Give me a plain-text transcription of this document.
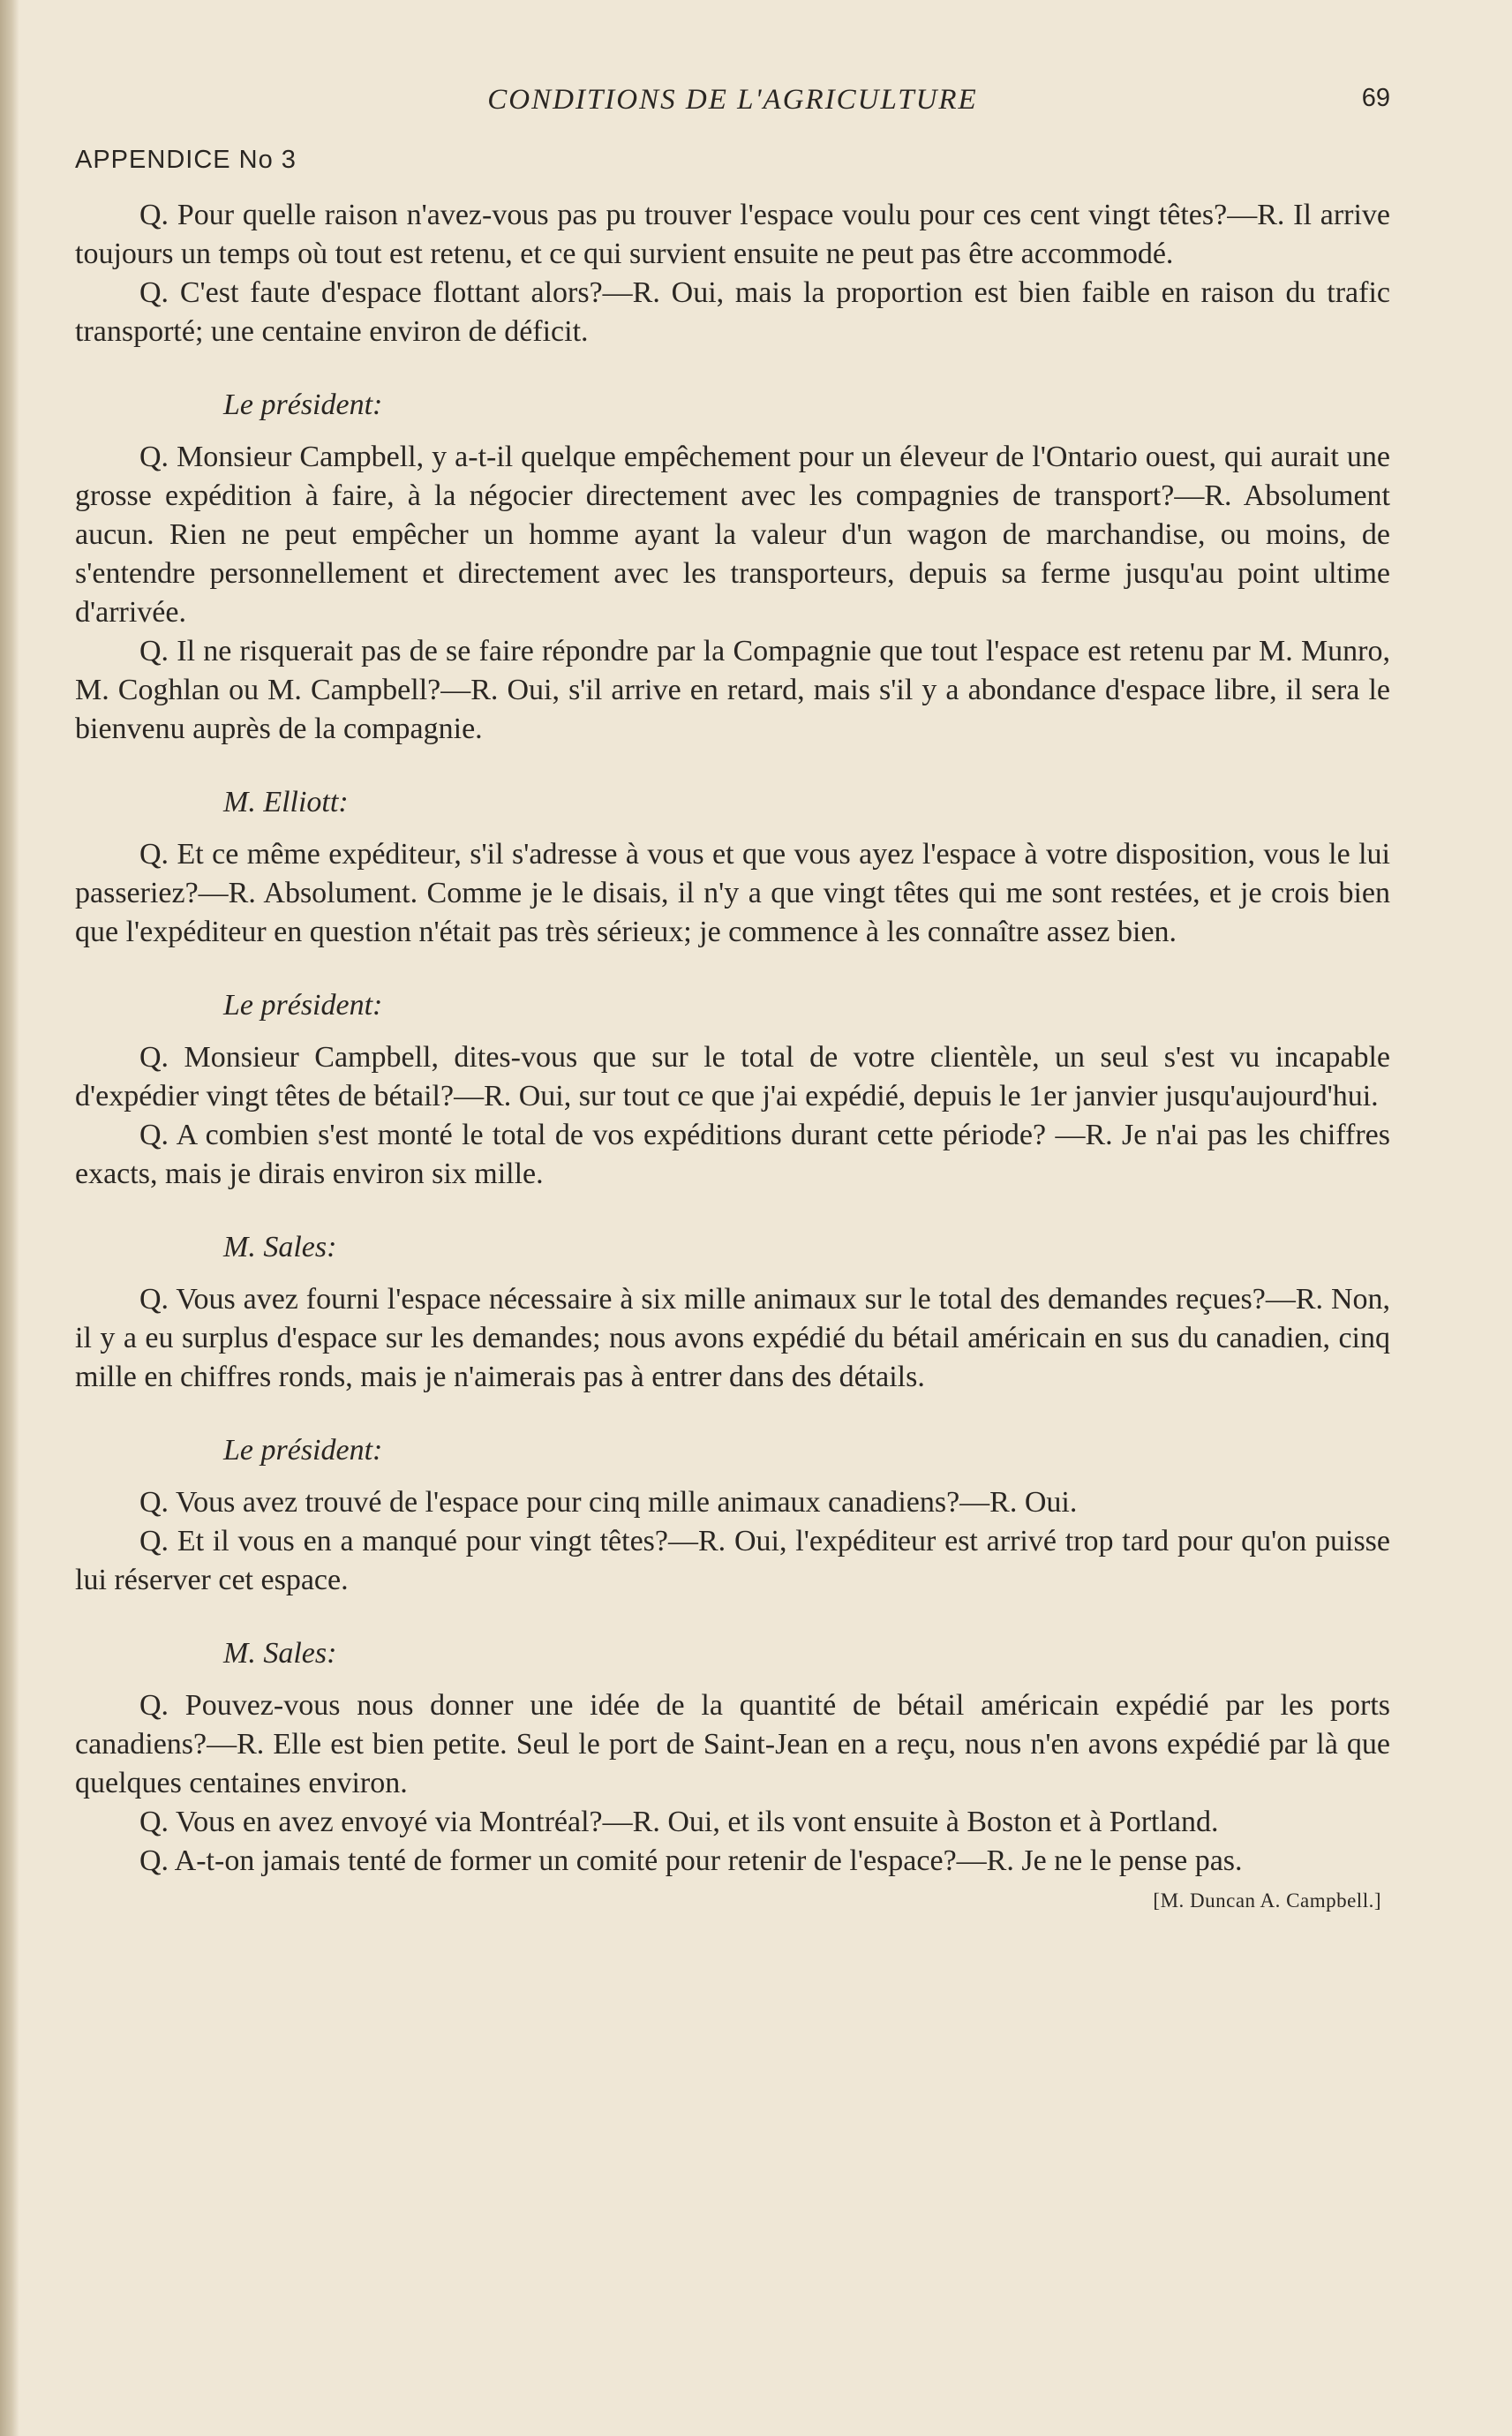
CONDITIONS DE L'AGRICULTURE	69
APPENDICE No 3

Q. Pour quelle raison n'avez-vous pas pu trouver l'espace voulu pour ces cent vingt têtes?—R. Il arrive toujours un temps où tout est retenu, et ce qui survient ensuite ne peut pas être accommodé.

Q. C'est faute d'espace flottant alors?—R. Oui, mais la proportion est bien faible en raison du trafic transporté; une centaine environ de déficit.

Le président:

Q. Monsieur Campbell, y a-t-il quelque empêchement pour un éleveur de l'Ontario ouest, qui aurait une grosse expédition à faire, à la négocier directement avec les compagnies de transport?—R. Absolument aucun. Rien ne peut empêcher un homme ayant la valeur d'un wagon de marchandise, ou moins, de s'entendre personnellement et directement avec les transporteurs, depuis sa ferme jusqu'au point ultime d'arrivée.

Q. Il ne risquerait pas de se faire répondre par la Compagnie que tout l'espace est retenu par M. Munro, M. Coghlan ou M. Campbell?—R. Oui, s'il arrive en retard, mais s'il y a abondance d'espace libre, il sera le bienvenu auprès de la compagnie.

M. Elliott:

Q. Et ce même expéditeur, s'il s'adresse à vous et que vous ayez l'espace à votre disposition, vous le lui passeriez?—R. Absolument. Comme je le disais, il n'y a que vingt têtes qui me sont restées, et je crois bien que l'expéditeur en question n'était pas très sérieux; je commence à les connaître assez bien.

Le président:

Q. Monsieur Campbell, dites-vous que sur le total de votre clientèle, un seul s'est vu incapable d'expédier vingt têtes de bétail?—R. Oui, sur tout ce que j'ai expédié, depuis le 1er janvier jusqu'aujourd'hui.

Q. A combien s'est monté le total de vos expéditions durant cette période? —R. Je n'ai pas les chiffres exacts, mais je dirais environ six mille.

M. Sales:

Q. Vous avez fourni l'espace nécessaire à six mille animaux sur le total des demandes reçues?—R. Non, il y a eu surplus d'espace sur les demandes; nous avons expédié du bétail américain en sus du canadien, cinq mille en chiffres ronds, mais je n'aimerais pas à entrer dans des détails.

Le président:

Q. Vous avez trouvé de l'espace pour cinq mille animaux canadiens?—R. Oui.

Q. Et il vous en a manqué pour vingt têtes?—R. Oui, l'expéditeur est arrivé trop tard pour qu'on puisse lui réserver cet espace.

M. Sales:

Q. Pouvez-vous nous donner une idée de la quantité de bétail américain expédié par les ports canadiens?—R. Elle est bien petite. Seul le port de Saint-Jean en a reçu, nous n'en avons expédié par là que quelques centaines environ.

Q. Vous en avez envoyé via Montréal?—R. Oui, et ils vont ensuite à Boston et à Portland.

Q. A-t-on jamais tenté de former un comité pour retenir de l'espace?—R. Je ne le pense pas.

[M. Duncan A. Campbell.]
